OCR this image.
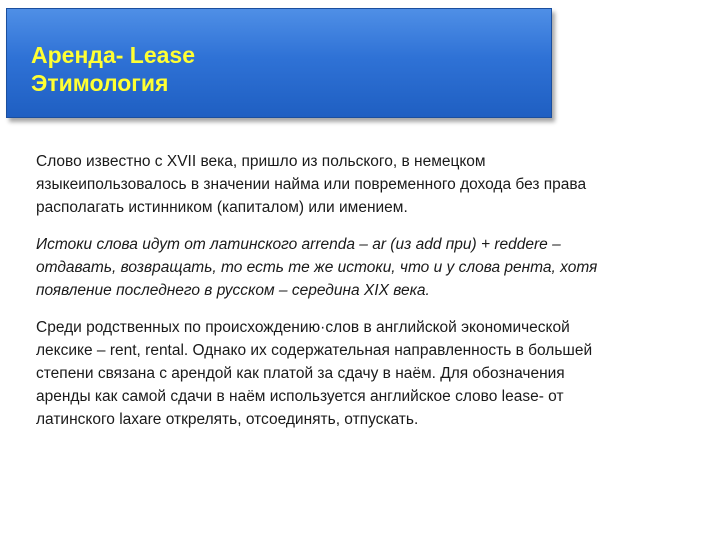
Аренда- Lease
Этимология

Слово известно с XVII века, пришло из польского, в немецком
языкеипользовалось в значении найма или повременного дохода без права
располагать истинником (капиталом) или имением.

Истоки слова идут от латинского arrenda – ar (из add при) + reddere –
отдавать, возвращать, то есть те же истоки, что и у слова рента, хотя
появление последнего в русском – середина XIX века.

Среди родственных по происхождению·слов в английской экономической
лексике – rent, rental. Однако их содержательная направленность в большей
степени связана с арендой как платой за сдачу в наём. Для обозначения
аренды как самой сдачи в наём используется английское слово lease- от
латинского laxare открелять, отсоединять, отпускать.
